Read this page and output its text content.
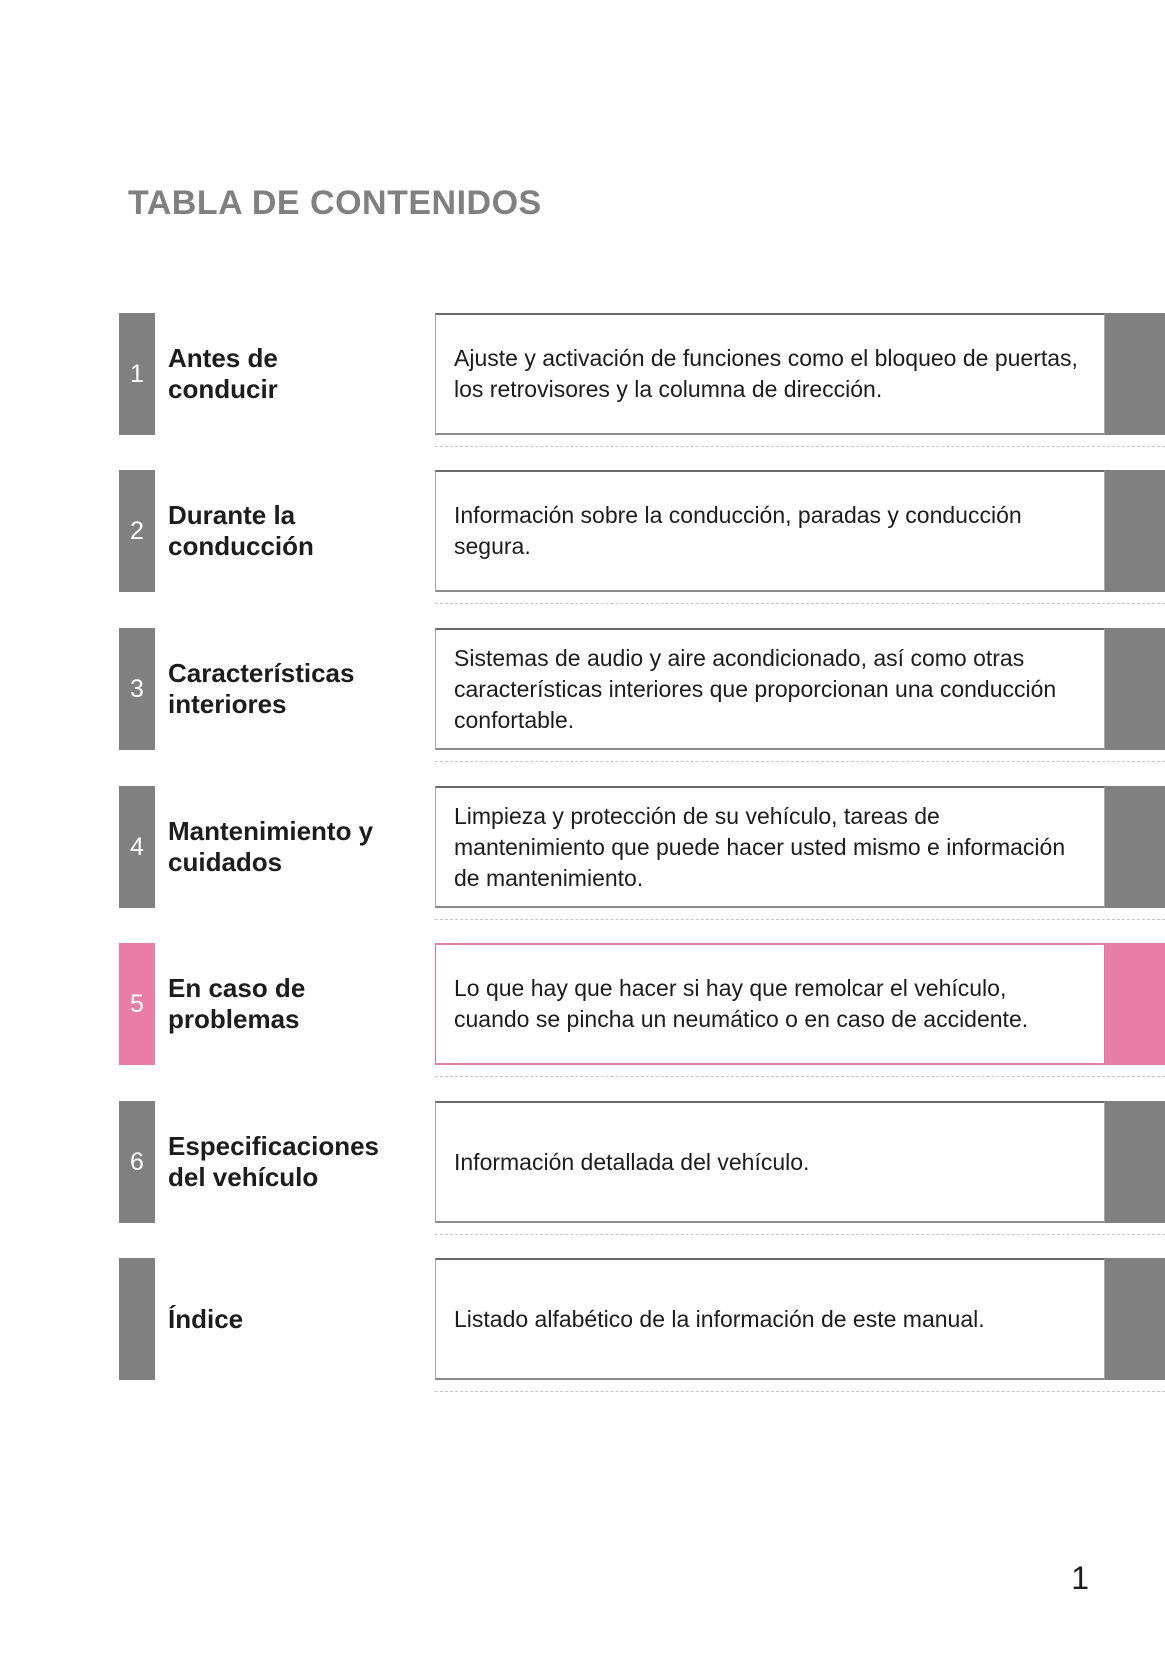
TABLA DE CONTENIDOS
1
Antes de
conducir

Ajuste y activación de funciones como el bloqueo de puertas, los retrovisores y la columna de dirección.

2
Durante la
conducción

Información sobre la conducción, paradas y conducción segura.

3
Características
interiores

Sistemas de audio y aire acondicionado, así como otras características interiores que proporcionan una conducción confortable.

4
Mantenimiento y
cuidados

Limpieza y protección de su vehículo, tareas de mantenimiento que puede hacer usted mismo e información de mantenimiento.

5
En caso de
problemas

Lo que hay que hacer si hay que remolcar el vehículo, cuando se pincha un neumático o en caso de accidente.

6
Especificaciones
del vehículo

Información detallada del vehículo.

Índice	Listado alfabético de la información de este manual.

1
